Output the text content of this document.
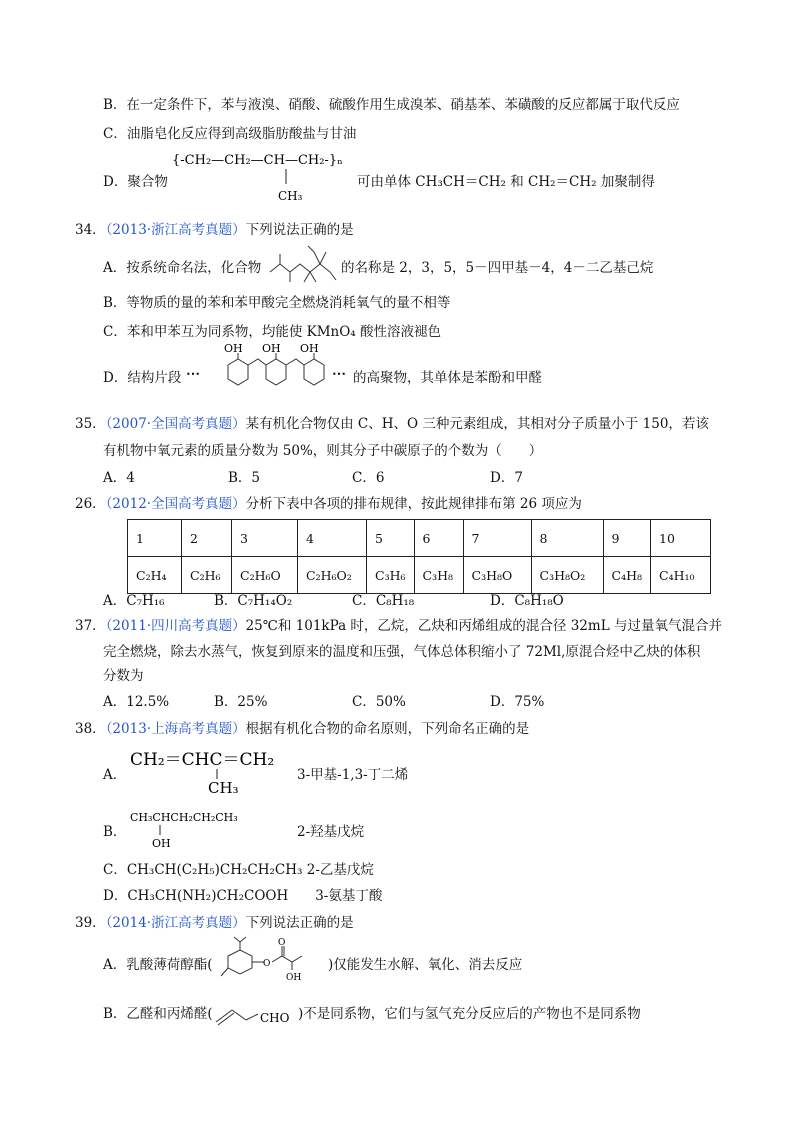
B．在一定条件下，苯与液溴、硝酸、硫酸作用生成溴苯、硝基苯、苯磺酸的反应都属于取代反应
C．油脂皂化反应得到高级脂肪酸盐与甘油
D．聚合物
{-CH₂—CH₂—CH—CH₂-}ₙ
CH₃
可由单体 CH₃CH＝CH₂ 和 CH₂＝CH₂ 加聚制得
34．（2013·浙江高考真题）下列说法正确的是
A．按系统命名法，化合物	的名称是 2，3，5，5－四甲基－4，4－二乙基己烷
B．等物质的量的苯和苯甲酸完全燃烧消耗氧气的量不相等
C．苯和甲苯互为同系物，均能使 KMnO₄ 酸性溶液褪色
D．结构片段 ⋯
OH OH OH
⋯ 的高聚物，其单体是苯酚和甲醛
35．（2007·全国高考真题）某有机化合物仅由 C、H、O 三种元素组成，其相对分子质量小于 150，若该
有机物中氧元素的质量分数为 50%，则其分子中碳原子的个数为（　　）
A．4	B．5	C．6	D．7
26．（2012·全国高考真题）分析下表中各项的排布规律，按此规律排布第 26 项应为
1	2	3	4	5	6	7	8	9	10
C₂H₄	C₂H₆	C₂H₆O	C₂H₆O₂	C₃H₆	C₃H₈	C₃H₈O	C₃H₈O₂	C₄H₈	C₄H₁₀
A．C₇H₁₆	B．C₇H₁₄O₂	C．C₈H₁₈	D．C₈H₁₈O
37．（2011·四川高考真题）25℃和 101kPa 时，乙烷，乙炔和丙烯组成的混合径 32mL 与过量氧气混合并
完全燃烧，除去水蒸气，恢复到原来的温度和压强，气体总体积缩小了 72Ml,原混合烃中乙炔的体积
分数为
A．12.5%	B．25%	C．50%	D．75%
38．（2013·上海高考真题）根据有机化合物的命名原则，下列命名正确的是
A．
CH₂＝CHC＝CH₂
CH₃
3-甲基-1,3-丁二烯
B．
CH₃CHCH₂CH₂CH₃
OH
2-羟基戊烷
C．CH₃CH(C₂H₅)CH₂CH₂CH₃ 2-乙基戊烷
D．CH₃CH(NH₂)CH₂COOH　　3-氨基丁酸
39．（2014·浙江高考真题）下列说法正确的是
A．乳酸薄荷醇酯(	O
O
OH
)仅能发生水解、氧化、消去反应
B．乙醛和丙烯醛(	CHO )不是同系物，它们与氢气充分反应后的产物也不是同系物
